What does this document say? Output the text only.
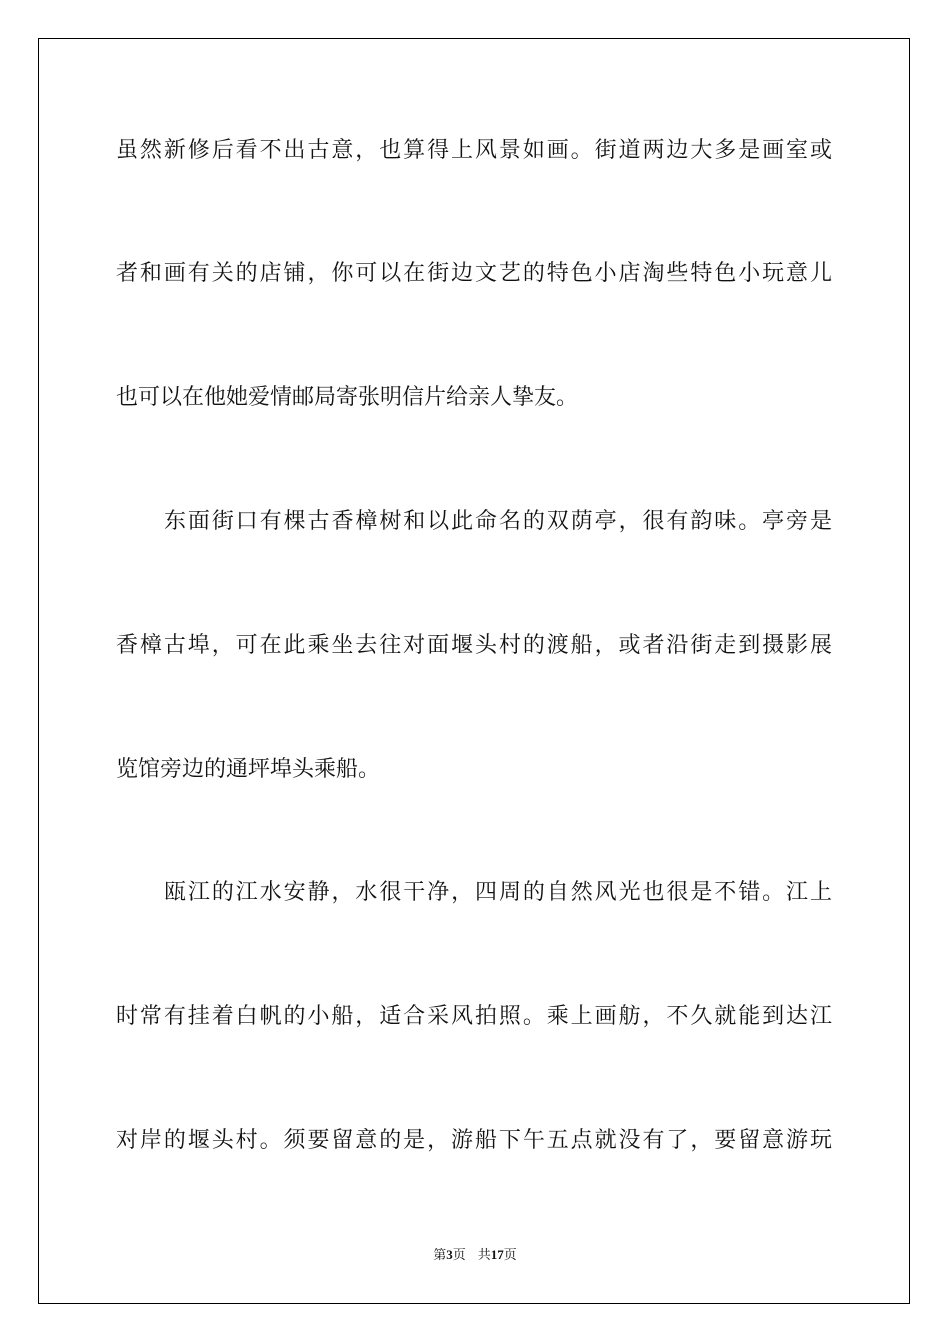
虽然新修后看不出古意，也算得上风景如画。街道两边大多是画室或
者和画有关的店铺，你可以在街边文艺的特色小店淘些特色小玩意儿
也可以在他她爱情邮局寄张明信片给亲人挚友。
东面街口有棵古香樟树和以此命名的双荫亭，很有韵味。亭旁是
香樟古埠，可在此乘坐去往对面堰头村的渡船，或者沿街走到摄影展
览馆旁边的通坪埠头乘船。
瓯江的江水安静，水很干净，四周的自然风光也很是不错。江上
时常有挂着白帆的小船，适合采风拍照。乘上画舫，不久就能到达江
对岸的堰头村。须要留意的是，游船下午五点就没有了，要留意游玩
第3页 共17页
